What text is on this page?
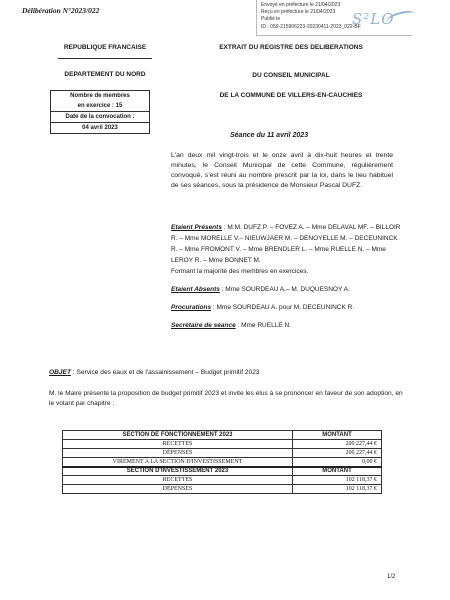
Délibération N°2023/022
Envoyé en préfecture le 21/04/2023
Reçu en préfecture le 21/04/2023
Publié le
ID : 059-215906223-20230411-2023_022-BF
S²LO
REPUBLIQUE FRANCAISE
DEPARTEMENT DU NORD
Nombre de membres
en exercice : 15
Date de la convocation :
04 avril 2023
EXTRAIT DU REGISTRE DES DELIBERATIONS
DU CONSEIL MUNICIPAL
DE LA COMMUNE DE VILLERS-EN-CAUCHIES
Séance du 11 avril 2023
L'an deux mil vingt-trois et le onze avril à dix-huit heures et trente minutes, le Conseil Municipal de cette Commune, régulièrement convoqué, s'est réuni au nombre prescrit par la loi, dans le lieu habituel de ses séances, sous la présidence de Monsieur Pascal DUFZ.

Etaient Présents : M.M. DUFZ P. – FOVEZ A. – Mme DELAVAL MF. – BILLOIR R. – Mme MORELLE V.– NIEUWJAER M. – DENOYELLE M. – DECEUNINCK R. – Mme FROMONT V. – Mme BRENDLER L. – Mme RUELLE N. – Mme LEROY R. – Mme BONNET M.

Formant la majorité des membres en exercices.

Etaient Absents : Mme SOURDEAU A.– M. DUQUESNOY A.

Procurations : Mme SOURDEAU A. pour M. DECEUNINCK R.

Secrétaire de séance : Mme RUELLE N.

OBJET : Service des eaux et de l'assainissement – Budget primitif 2023
M. le Maire présente la proposition de budget primitif 2023 et invite les élus à se prononcer en faveur de son adoption, en le votant par chapitre :
SECTION DE FONCTIONNEMENT 2023	MONTANT
RECETTES	200 227,44 €
DÉPENSES	200 227,44 €
VIREMENT A LA SECTION D'INVESTISSEMENT	0,00 €
SECTION D'INVESTISSEMENT 2023	MONTANT
RECETTES	102 118,37 €
DÉPENSES	102 118,37 €
1/2
